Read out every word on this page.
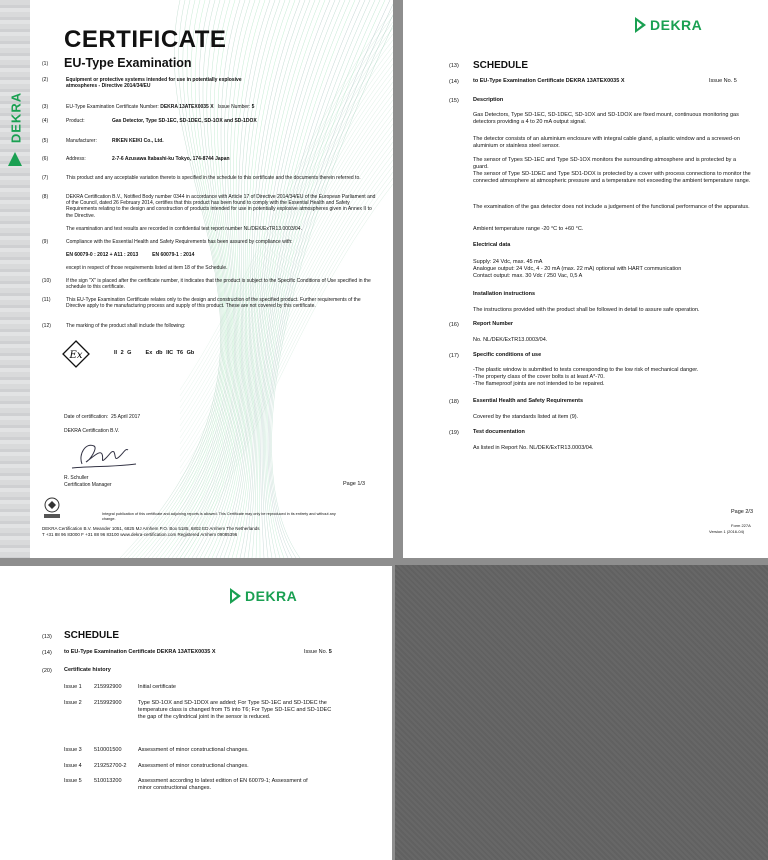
DEKRA
CERTIFICATE
EU-Type Examination
(1)
(2)	Equipment or protective systems intended for use in potentially explosive atmospheres - Directive 2014/34/EU
(3)	EU-Type Examination Certificate Number: DEKRA 13ATEX0035 X Issue Number: 5
(4)	Product:	Gas Detector, Type SD-1EC, SD-1DEC, SD-1OX and SD-1DOX
(5)	Manufacturer:	RIKEN KEIKI Co., Ltd.
(6)	Address:	2-7-6 Azusawa Itabashi-ku Tokyo, 174-8744 Japan
(7)	This product and any acceptable variation thereto is specified in the schedule to this certificate and the documents therein referred to.
(8)	DEKRA Certification B.V., Notified Body number 0344 in accordance with Article 17 of Directive 2014/34/EU of the European Parliament and of the Council, dated 26 February 2014, certifies that this product has been found to comply with the Essential Health and Safety Requirements relating to the design and construction of products intended for use in potentially explosive atmospheres given in Annex II to the Directive.
The examination and test results are recorded in confidential test report number NL/DEK/ExTR13.0003/04.
(9)	Compliance with the Essential Health and Safety Requirements has been assured by compliance with:
EN 60079-0 : 2012 + A11 : 2013          EN 60079-1 : 2014
except in respect of those requirements listed at item 18 of the Schedule.
(10)	If the sign "X" is placed after the certificate number, it indicates that the product is subject to the Specific Conditions of Use specified in the schedule to this certificate.
(11)	This EU-Type Examination Certificate relates only to the design and construction of the specified product. Further requirements of the Directive apply to the manufacturing process and supply of this product. These are not covered by this certificate.
(12)	The marking of the product shall include the following:
Ex	II 2 G    Ex db IIC T6 Gb
Date of certification: 25 April 2017
DEKRA Certification B.V.
R. Schuller
Certification Manager	Page 1/3
Integral publication of this certificate and adjoining reports is allowed. This Certificate may only be reproduced in its entirety and without any change.
DEKRA Certification B.V. Meander 1051, 6825 MJ Arnhem P.O. Box 5185, 6802 ED Arnhem The Netherlands
T +31 88 96 83000 F +31 88 96 83100 www.dekra-certification.com Registered Arnhem 09085396
DEKRA
(13) SCHEDULE
(14)	to EU-Type Examination Certificate DEKRA 13ATEX0035 X	Issue No. 5
(15)	Description
Gas Detectors, Type SD-1EC, SD-1DEC, SD-1OX and SD-1DOX are fixed mount, continuous monitoring gas detectors providing a 4 to 20 mA output signal.
The detector consists of an aluminium enclosure with integral cable gland, a plastic window and a screwed-on aluminium or stainless steel sensor.
The sensor of Types SD-1EC and Type SD-1OX monitors the surrounding atmosphere and is protected by a guard.
The sensor of Type SD-1DEC and Type SD1-DOX is protected by a cover with process connections to monitor the connected atmosphere at atmospheric pressure and a temperature not exceeding the ambient temperature range.
The examination of the gas detector does not include a judgement of the functional performance of the apparatus.
Ambient temperature range -20 °C to +60 °C.
Electrical data
Supply: 24 Vdc, max. 45 mA
Analogue output: 24 Vdc, 4 - 20 mA (max. 22 mA) optional with HART communication
Contact output: max. 30 Vdc / 250 Vac, 0,5 A
Installation instructions
The instructions provided with the product shall be followed in detail to assure safe operation.
(16)	Report Number
No. NL/DEK/ExTR13.0003/04.
(17)	Specific conditions of use
-The plastic window is submitted to tests corresponding to the low risk of mechanical danger.
-The property class of the cover bolts is at least A*-70.
-The flameproof joints are not intended to be repaired.
(18)	Essential Health and Safety Requirements
Covered by the standards listed at item (9).
(19)	Test documentation
As listed in Report No. NL/DEK/ExTR13.0003/04.
Page 2/3
Form 227A
Version 1 (2016-04)
DEKRA
(13) SCHEDULE
(14) to EU-Type Examination Certificate DEKRA 13ATEX0035 X	Issue No. 5
(20) Certificate history
Issue 1	215992900	Initial certificate
Issue 2	215992900	Type SD-1OX and SD-1DOX are added; For Type SD-1EC and SD-1DEC the temperature class is changed from T5 into T6; For Type SD-1EC and SD-1DEC the gap of the cylindrical joint in the sensor is reduced.
Issue 3	510001500	Assessment of minor constructional changes.
Issue 4	219252700-2	Assessment of minor constructional changes.
Issue 5	510013200	Assessment according to latest edition of EN 60079-1; Assessment of minor constructional changes.
